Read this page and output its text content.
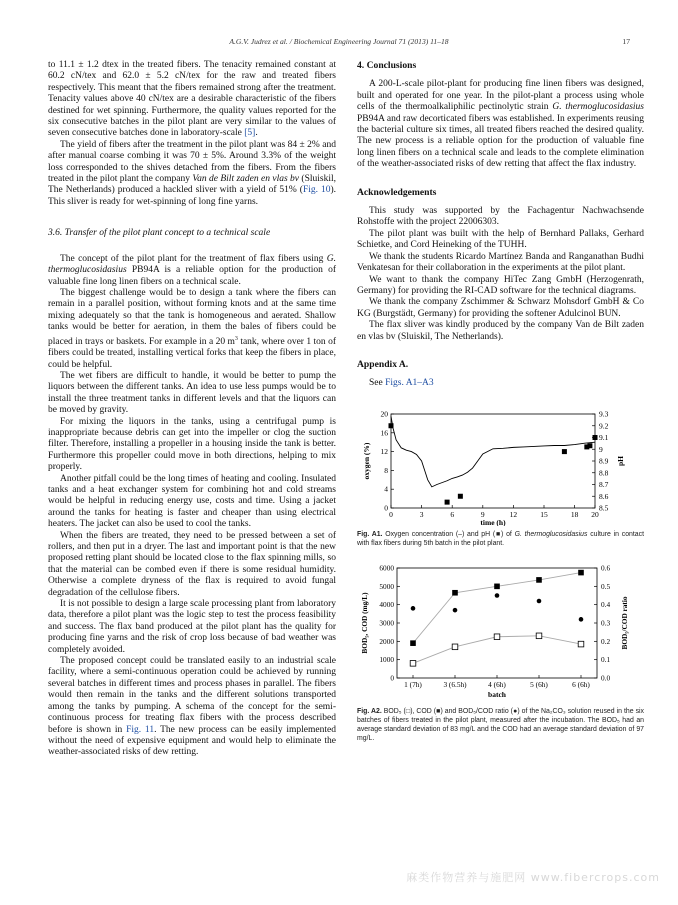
A.G.V. Judrez et al. / Biochemical Engineering Journal 71 (2013) 11–18	17

to 11.1 ± 1.2 dtex in the treated fibers. The tenacity remained constant at 60.2 cN/tex and 62.0 ± 5.2 cN/tex for the raw and treated fibers respectively. This meant that the fibers remained strong after the treatment. Tenacity values above 40 cN/tex are a desirable characteristic of the fibers destined for wet spinning. Furthermore, the quality values reported for the six consecutive batches in the pilot plant are very similar to the values of seven consecutive batches done in laboratory-scale [5].

The yield of fibers after the treatment in the pilot plant was 84 ± 2% and after manual coarse combing it was 70 ± 5%. Around 3.3% of the weight loss corresponded to the shives detached from the fibers. From the fibers treated in the pilot plant the company Van de Bilt zaden en vlas bv (Sluiskil, The Netherlands) produced a hackled sliver with a yield of 51% (Fig. 10). This sliver is ready for wet-spinning of long fine yarns.

3.6. Transfer of the pilot plant concept to a technical scale

The concept of the pilot plant for the treatment of flax fibers using G. thermoglucosidasius PB94A is a reliable option for the production of valuable fine long linen fibers on a technical scale.

The biggest challenge would be to design a tank where the fibers can remain in a parallel position, without forming knots and at the same time mixing adequately so that the tank is homogeneous and aerated. Shallow tanks would be better for aeration, in them the bales of fibers could be placed in trays or baskets. For example in a 20 $m^3$ tank, where over 1 ton of fibers could be treated, installing vertical forks that keep the fibers in place, could be helpful.

The wet fibers are difficult to handle, it would be better to pump the liquors between the different tanks. An idea to use less pumps would be to install the three treatment tanks in different levels and that the liquors can be moved by gravity.

For mixing the liquors in the tanks, using a centrifugal pump is inappropriate because debris can get into the impeller or clog the suction filter. Therefore, installing a propeller in a housing inside the tank is better. Furthermore this propeller could move in both directions, helping to mix properly.

Another pitfall could be the long times of heating and cooling. Insulated tanks and a heat exchanger system for combining hot and cold streams would be helpful in reducing energy use, costs and time. Using a jacket around the tanks for heating is faster and cheaper than using electrical heaters. The jacket can also be used to cool the tanks.

When the fibers are treated, they need to be pressed between a set of rollers, and then put in a dryer. The last and important point is that the new proposed retting plant should be located close to the flax spinning mills, so that the material can be combed even if there is some residual humidity. Otherwise a complete dryness of the flax is required to avoid fungal degradation of the cellulose fibers.

It is not possible to design a large scale processing plant from laboratory data, therefore a pilot plant was the logic step to test the process feasibility and success. The flax band produced at the pilot plant has the quality for producing fine yarns and the risk of crop loss because of bad weather was completely avoided.

The proposed concept could be translated easily to an industrial scale facility, where a semi-continuous operation could be achieved by running several batches in different times and process phases in parallel. The fibers would then remain in the tanks and the different solutions transported among the tanks by pumping. A schema of the concept for the semi-continuous process for treating flax fibers with the process described before is shown in Fig. 11. The new process can be easily implemented without the need of expensive equipment and would help to eliminate the weather-associated risks of dew retting.

4. Conclusions

A 200-L-scale pilot-plant for producing fine linen fibers was designed, built and operated for one year. In the pilot-plant a process using whole cells of the thermoalkaliphilic pectinolytic strain G. thermoglucosidasius PB94A and raw decorticated fibers was established. In experiments reusing the bacterial culture six times, all treated fibers reached the desired quality. The new process is a reliable option for the production of valuable fine long linen fibers on a technical scale and leads to the complete elimination of the weather-associated risks of dew retting that affect the flax industry.

Acknowledgements

This study was supported by the Fachagentur Nachwachsende Rohstoffe with the project 22006303.

The pilot plant was built with the help of Bernhard Pallaks, Gerhard Schietke, and Cord Heineking of the TUHH.

We thank the students Ricardo Martínez Banda and Ranganathan Budhi Venkatesan for their collaboration in the experiments at the pilot plant.

We want to thank the company HiTec Zang GmbH (Herzogenrath, Germany) for providing the RI-CAD software for the technical diagrams.

We thank the company Zschimmer & Schwarz Mohsdorf GmbH & Co KG (Burgstädt, Germany) for providing the softener Adulcinol BUN.

The flax sliver was kindly produced by the company Van de Bilt zaden en vlas bv (Sluiskil, The Netherlands).

Appendix A.

See Figs. A1–A3

0	3	6	9	12	15	18 20
0
4
8
12
16
20
8.5
8.6
8.7
8.8
8.9
9
9.1
9.2
9.3
time (h)
oxygen (%)	pH
Fig. A1. Oxygen concentration (–) and pH (■) of G. thermoglucosidasius culture in contact with flax fibers during 5th batch in the pilot plant.
1 (7h)	3 (6.5h)	4 (6h)	5 (6h)	6 (6h)
0
1000
2000
3000
4000
5000
6000
0.0
0.1
0.2
0.3
0.4
0.5
0.6
batch
BOD₅, COD (mg/L)	BOD₅/COD ratio
Fig. A2. BOD₅ (□), COD (■) and BOD₅/COD ratio (●) of the Na₂CO₃ solution reused in the six batches of fibers treated in the pilot plant, measured after the incubation. The BOD₅ had an average standard deviation of 83 mg/L and the COD had an average standard deviation of 97 mg/L.
麻类作物营养与施肥网 www.fibercrops.com
